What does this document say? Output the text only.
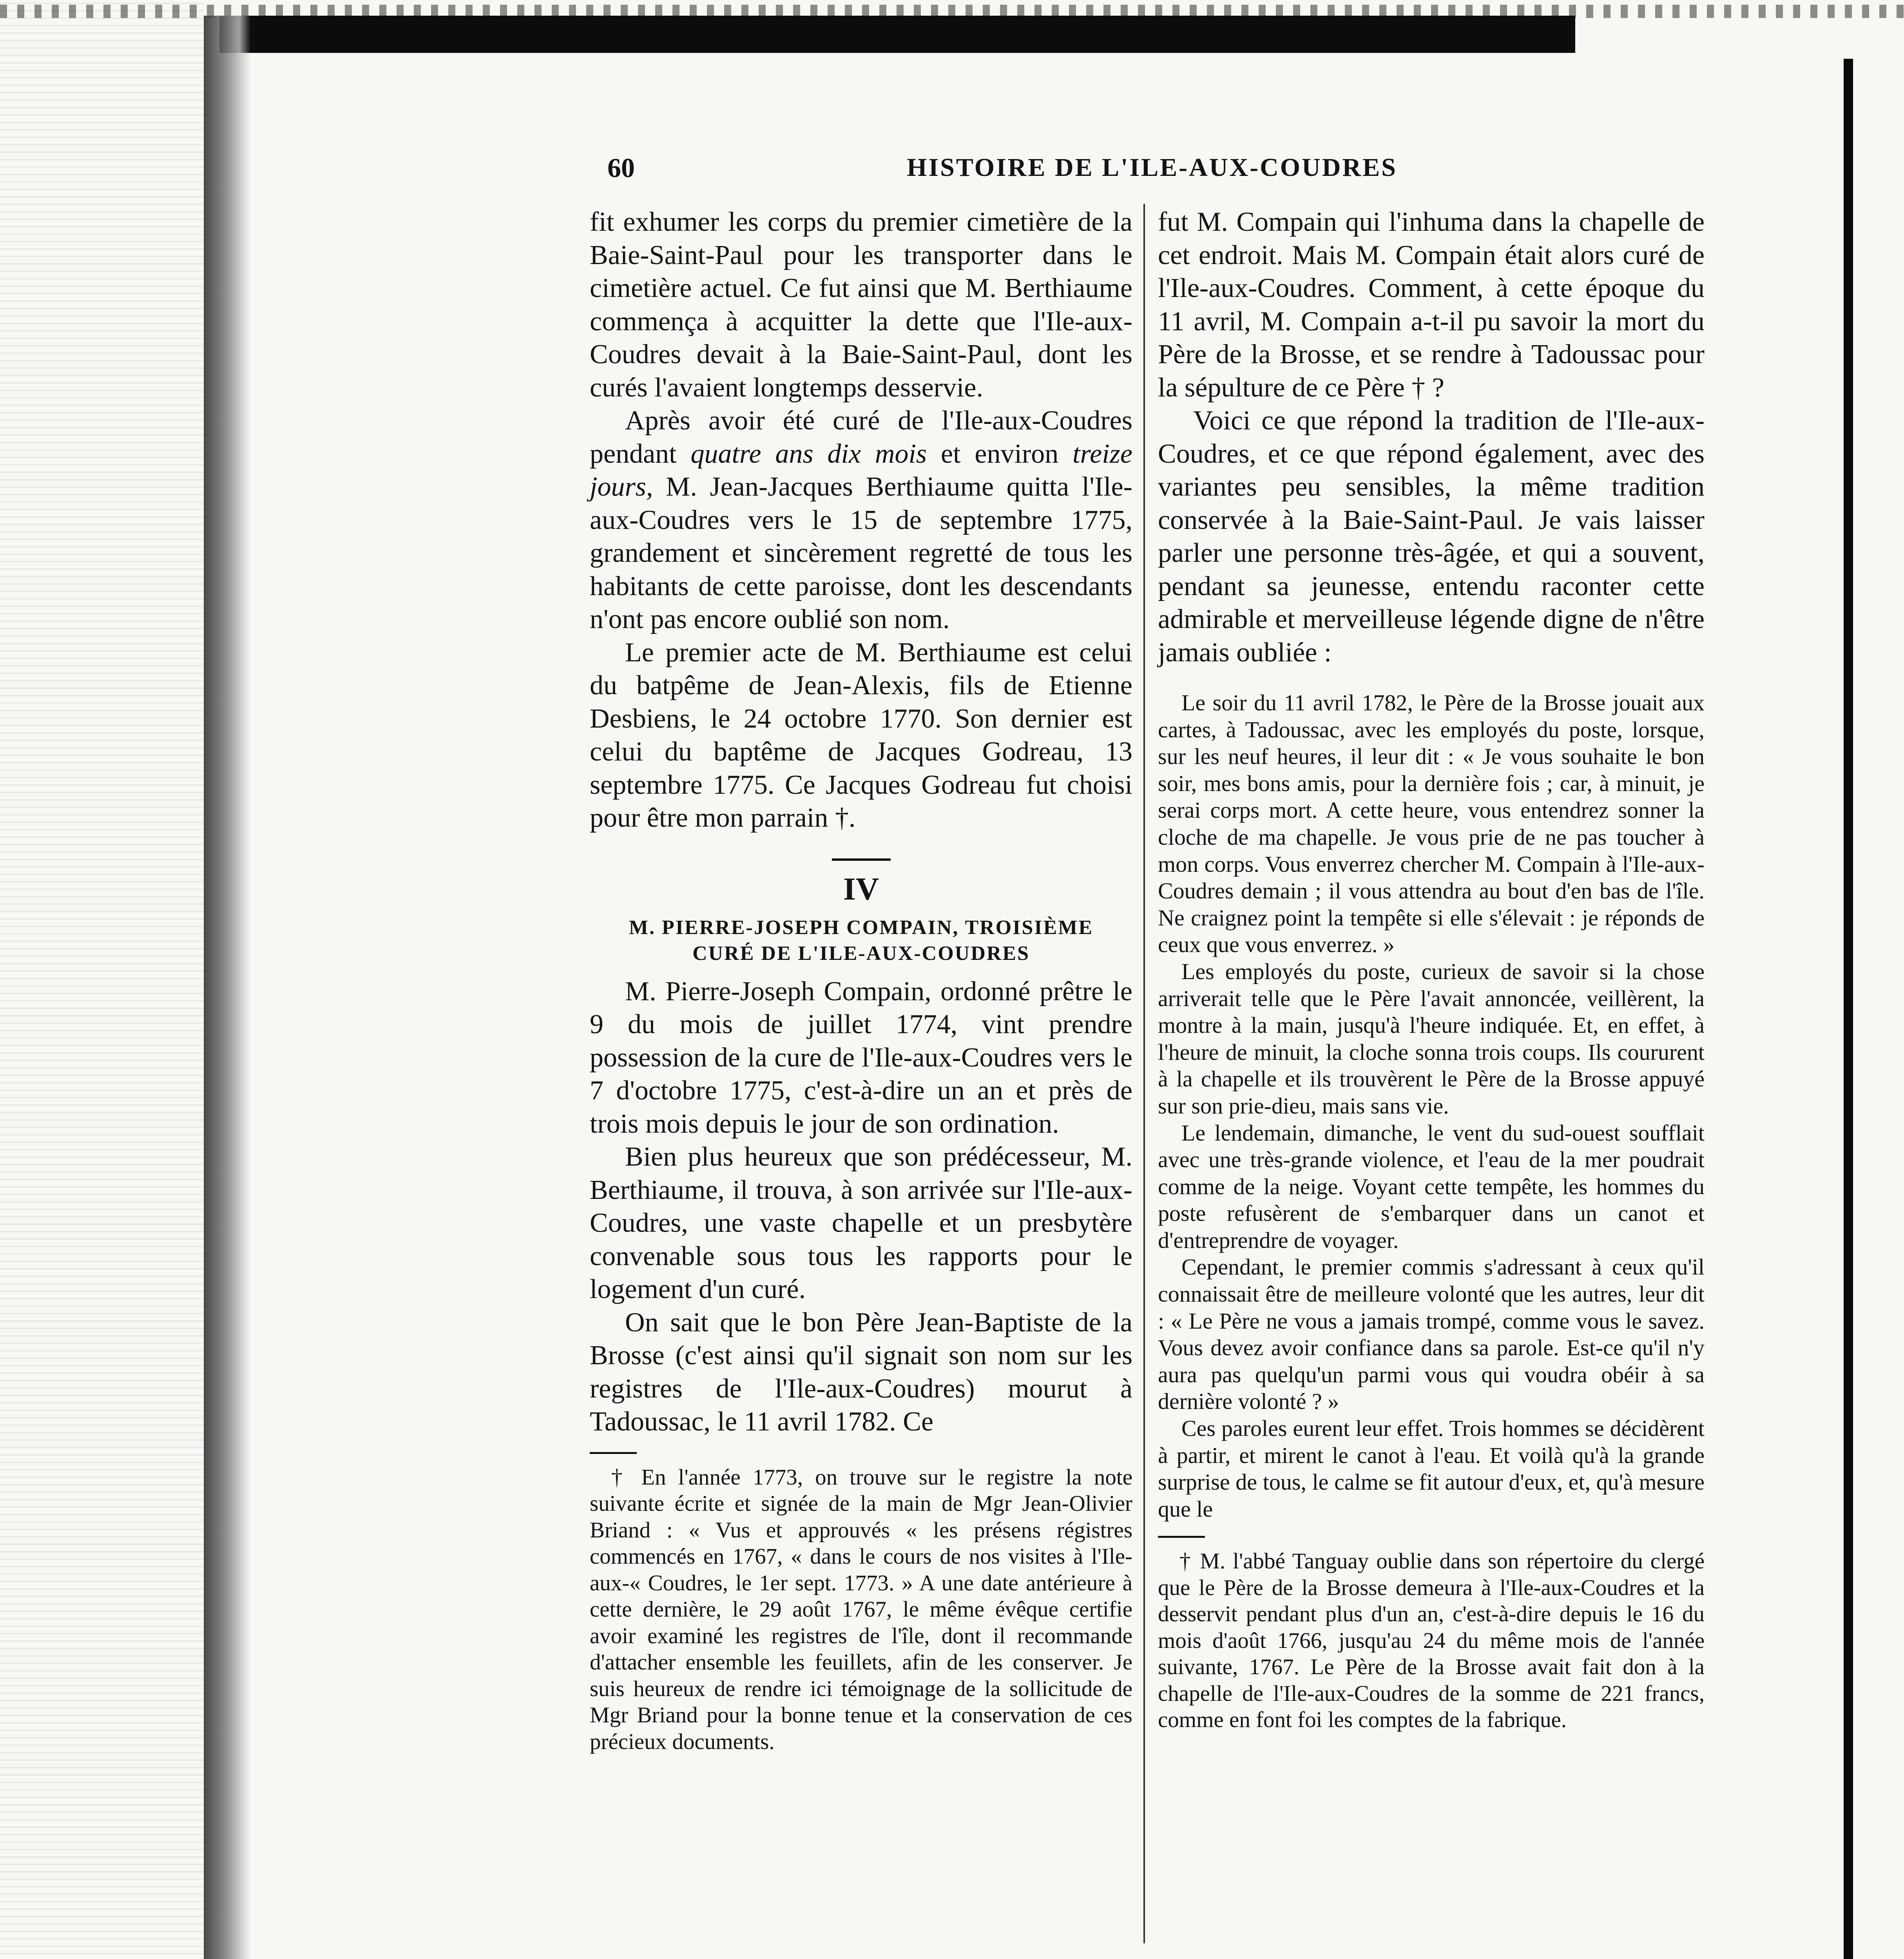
HISTOIRE DE L'ILE-AUX-COUDRES
60

fit exhumer les corps du premier cimetière de la Baie-Saint-Paul pour les transporter dans le cimetière actuel. Ce fut ainsi que M. Berthiaume commença à acquitter la dette que l'Ile-aux-Coudres devait à la Baie-Saint-Paul, dont les curés l'avaient longtemps desservie.

Après avoir été curé de l'Ile-aux-Coudres pendant quatre ans dix mois et environ treize jours, M. Jean-Jacques Berthiaume quitta l'Ile-aux-Coudres vers le 15 de septembre 1775, grandement et sincèrement regretté de tous les habitants de cette paroisse, dont les descendants n'ont pas encore oublié son nom.

Le premier acte de M. Berthiaume est celui du batpême de Jean-Alexis, fils de Etienne Desbiens, le 24 octobre 1770. Son dernier est celui du baptême de Jacques Godreau, 13 septembre 1775. Ce Jacques Godreau fut choisi pour être mon parrain †.

IV
M. PIERRE-JOSEPH COMPAIN, TROISIÈME
CURÉ DE L'ILE-AUX-COUDRES

M. Pierre-Joseph Compain, ordonné prêtre le 9 du mois de juillet 1774, vint prendre possession de la cure de l'Ile-aux-Coudres vers le 7 d'octobre 1775, c'est-à-dire un an et près de trois mois depuis le jour de son ordination.

Bien plus heureux que son prédécesseur, M. Berthiaume, il trouva, à son arrivée sur l'Ile-aux-Coudres, une vaste chapelle et un presbytère convenable sous tous les rapports pour le logement d'un curé.

On sait que le bon Père Jean-Baptiste de la Brosse (c'est ainsi qu'il signait son nom sur les registres de l'Ile-aux-Coudres) mourut à Tadoussac, le 11 avril 1782. Ce

† En l'année 1773, on trouve sur le registre la note suivante écrite et signée de la main de Mgr Jean-Olivier Briand : « Vus et approuvés « les présens régistres commencés en 1767, « dans le cours de nos visites à l'Ile-aux-« Coudres, le 1er sept. 1773. » A une date antérieure à cette dernière, le 29 août 1767, le même évêque certifie avoir examiné les registres de l'île, dont il recommande d'attacher ensemble les feuillets, afin de les conserver. Je suis heureux de rendre ici témoignage de la sollicitude de Mgr Briand pour la bonne tenue et la conservation de ces précieux documents.

fut M. Compain qui l'inhuma dans la chapelle de cet endroit. Mais M. Compain était alors curé de l'Ile-aux-Coudres. Comment, à cette époque du 11 avril, M. Compain a-t-il pu savoir la mort du Père de la Brosse, et se rendre à Tadoussac pour la sépulture de ce Père † ?

Voici ce que répond la tradition de l'Ile-aux-Coudres, et ce que répond également, avec des variantes peu sensibles, la même tradition conservée à la Baie-Saint-Paul. Je vais laisser parler une personne très-âgée, et qui a souvent, pendant sa jeunesse, entendu raconter cette admirable et merveilleuse légende digne de n'être jamais oubliée :

Le soir du 11 avril 1782, le Père de la Brosse jouait aux cartes, à Tadoussac, avec les employés du poste, lorsque, sur les neuf heures, il leur dit : « Je vous souhaite le bon soir, mes bons amis, pour la dernière fois ; car, à minuit, je serai corps mort. A cette heure, vous entendrez sonner la cloche de ma chapelle. Je vous prie de ne pas toucher à mon corps. Vous enverrez chercher M. Compain à l'Ile-aux-Coudres demain ; il vous attendra au bout d'en bas de l'île. Ne craignez point la tempête si elle s'élevait : je réponds de ceux que vous enverrez. »

Les employés du poste, curieux de savoir si la chose arriverait telle que le Père l'avait annoncée, veillèrent, la montre à la main, jusqu'à l'heure indiquée. Et, en effet, à l'heure de minuit, la cloche sonna trois coups. Ils coururent à la chapelle et ils trouvèrent le Père de la Brosse appuyé sur son prie-dieu, mais sans vie.

Le lendemain, dimanche, le vent du sud-ouest soufflait avec une très-grande violence, et l'eau de la mer poudrait comme de la neige. Voyant cette tempête, les hommes du poste refusèrent de s'embarquer dans un canot et d'entreprendre de voyager.

Cependant, le premier commis s'adressant à ceux qu'il connaissait être de meilleure volonté que les autres, leur dit : « Le Père ne vous a jamais trompé, comme vous le savez. Vous devez avoir confiance dans sa parole. Est-ce qu'il n'y aura pas quelqu'un parmi vous qui voudra obéir à sa dernière volonté ? »

Ces paroles eurent leur effet. Trois hommes se décidèrent à partir, et mirent le canot à l'eau. Et voilà qu'à la grande surprise de tous, le calme se fit autour d'eux, et, qu'à mesure que le

† M. l'abbé Tanguay oublie dans son répertoire du clergé que le Père de la Brosse demeura à l'Ile-aux-Coudres et la desservit pendant plus d'un an, c'est-à-dire depuis le 16 du mois d'août 1766, jusqu'au 24 du même mois de l'année suivante, 1767. Le Père de la Brosse avait fait don à la chapelle de l'Ile-aux-Coudres de la somme de 221 francs, comme en font foi les comptes de la fabrique.
